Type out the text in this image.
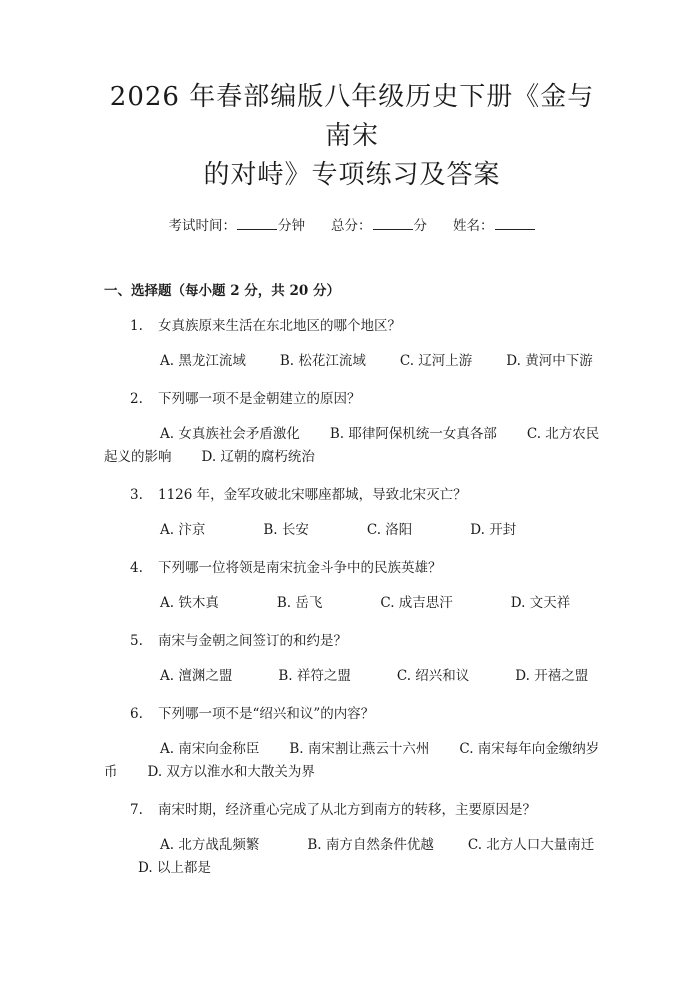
2026 年春部编版八年级历史下册《金与南宋
的对峙》专项练习及答案
考试时间：	分钟 总分：	分 姓名：
一、选择题（每小题 2 分，共 20 分）
1.	女真族原来生活在东北地区的哪个地区？
A. 黑龙江流域	B. 松花江流域	C. 辽河上游	D. 黄河中下游
2.	下列哪一项不是金朝建立的原因？
A. 女真族社会矛盾激化 B. 耶律阿保机统一女真各部 C. 北方农民起义的影响 D. 辽朝的腐朽统治
3.	1126 年，金军攻破北宋哪座都城，导致北宋灭亡？
A. 汴京	B. 长安	C. 洛阳	D. 开封
4.	下列哪一位将领是南宋抗金斗争中的民族英雄？
A. 铁木真	B. 岳飞	C. 成吉思汗	D. 文天祥
5.	南宋与金朝之间签订的和约是？
A. 澶渊之盟	B. 祥符之盟	C. 绍兴和议	D. 开禧之盟
6.	下列哪一项不是“绍兴和议”的内容？
A. 南宋向金称臣 B. 南宋割让燕云十六州 C. 南宋每年向金缴纳岁币 D. 双方以淮水和大散关为界
7.	南宋时期，经济重心完成了从北方到南方的转移，主要原因是？
A. 北方战乱频繁	B. 南方自然条件优越	C. 北方人口大量南迁D. 以上都是
